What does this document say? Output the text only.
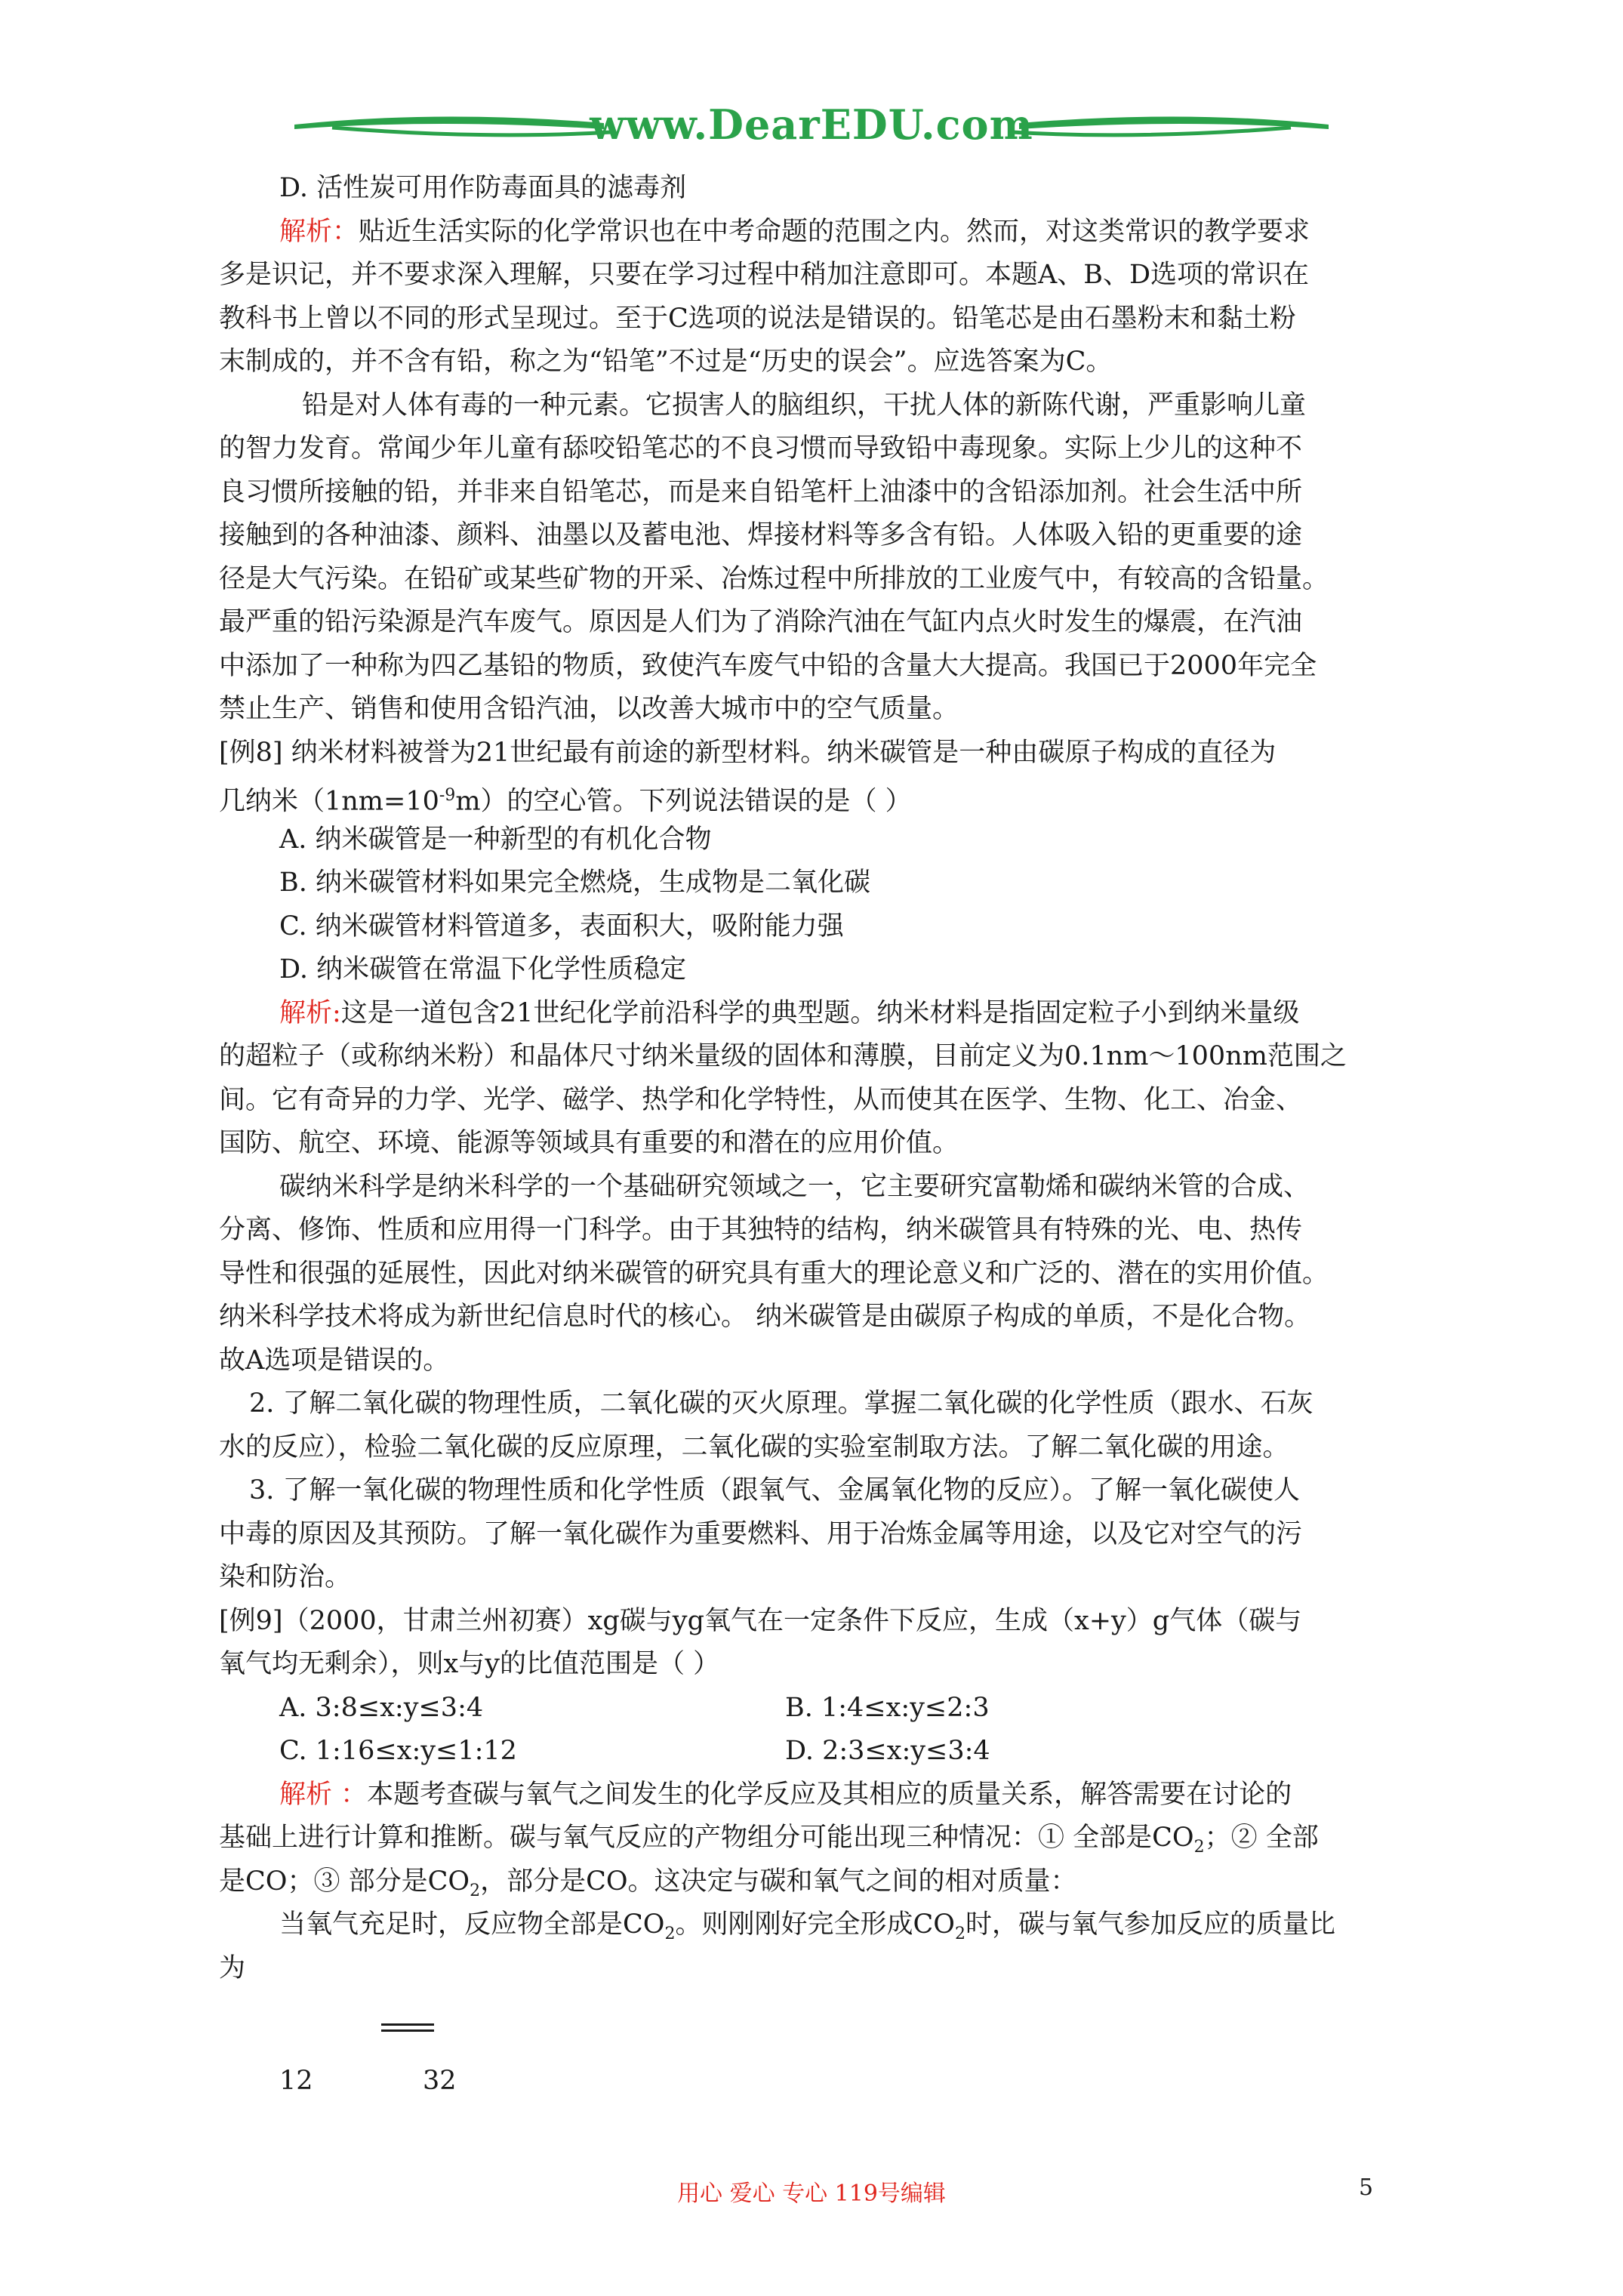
www.DearEDU.com
D. 活性炭可用作防毒面具的滤毒剂
解析：贴近生活实际的化学常识也在中考命题的范围之内。然而，对这类常识的教学要求
多是识记，并不要求深入理解，只要在学习过程中稍加注意即可。本题A、B、D选项的常识在
教科书上曾以不同的形式呈现过。至于C选项的说法是错误的。铅笔芯是由石墨粉末和黏土粉
末制成的，并不含有铅，称之为“铅笔”不过是“历史的误会”。应选答案为C。
铅是对人体有毒的一种元素。它损害人的脑组织，干扰人体的新陈代谢，严重影响儿童
的智力发育。常闻少年儿童有舔咬铅笔芯的不良习惯而导致铅中毒现象。实际上少儿的这种不
良习惯所接触的铅，并非来自铅笔芯，而是来自铅笔杆上油漆中的含铅添加剂。社会生活中所
接触到的各种油漆、颜料、油墨以及蓄电池、焊接材料等多含有铅。人体吸入铅的更重要的途
径是大气污染。在铅矿或某些矿物的开采、冶炼过程中所排放的工业废气中，有较高的含铅量。
最严重的铅污染源是汽车废气。原因是人们为了消除汽油在气缸内点火时发生的爆震，在汽油
中添加了一种称为四乙基铅的物质，致使汽车废气中铅的含量大大提高。我国已于2000年完全
禁止生产、销售和使用含铅汽油，以改善大城市中的空气质量。
[例8] 纳米材料被誉为21世纪最有前途的新型材料。纳米碳管是一种由碳原子构成的直径为
几纳米$(1nm=10^{-9}m)$的空心管。下列说法错误的是（ ）
A. 纳米碳管是一种新型的有机化合物
B. 纳米碳管材料如果完全燃烧，生成物是二氧化碳
C. 纳米碳管材料管道多，表面积大，吸附能力强
D. 纳米碳管在常温下化学性质稳定
解析:这是一道包含21世纪化学前沿科学的典型题。纳米材料是指固定粒子小到纳米量级
的超粒子（或称纳米粉）和晶体尺寸纳米量级的固体和薄膜，目前定义为0.1nm～100nm范围之
间。它有奇异的力学、光学、磁学、热学和化学特性，从而使其在医学、生物、化工、冶金、
国防、航空、环境、能源等领域具有重要的和潜在的应用价值。
碳纳米科学是纳米科学的一个基础研究领域之一，它主要研究富勒烯和碳纳米管的合成、
分离、修饰、性质和应用得一门科学。由于其独特的结构，纳米碳管具有特殊的光、电、热传
导性和很强的延展性，因此对纳米碳管的研究具有重大的理论意义和广泛的、潜在的实用价值。
纳米科学技术将成为新世纪信息时代的核心。 纳米碳管是由碳原子构成的单质，不是化合物。
故A选项是错误的。
2. 了解二氧化碳的物理性质，二氧化碳的灭火原理。掌握二氧化碳的化学性质（跟水、石灰
水的反应），检验二氧化碳的反应原理，二氧化碳的实验室制取方法。了解二氧化碳的用途。
3. 了解一氧化碳的物理性质和化学性质（跟氧气、金属氧化物的反应）。了解一氧化碳使人
中毒的原因及其预防。了解一氧化碳作为重要燃料、用于冶炼金属等用途，以及它对空气的污
染和防治。
[例9]（2000，甘肃兰州初赛）xg碳与yg氧气在一定条件下反应，生成（x+y）g气体（碳与
氧气均无剩余），则x与y的比值范围是（ ）
A. 3:8≤x:y≤3:4	B. 1:4≤x:y≤2:3
C. 1:16≤x:y≤1:12	D. 2:3≤x:y≤3:4
解析 ：本题考查碳与氧气之间发生的化学反应及其相应的质量关系，解答需要在讨论的
基础上进行计算和推断。碳与氧气反应的产物组分可能出现三种情况：① 全部是$CO_2$；② 全部
是CO；③ 部分是$CO_2$，部分是CO。这决定与碳和氧气之间的相对质量：
当氧气充足时，反应物全部是$CO_2$。则刚刚好完全形成$CO_2$时，碳与氧气参加反应的质量比
为
12	32
用心 爱心 专心 119号编辑	5
